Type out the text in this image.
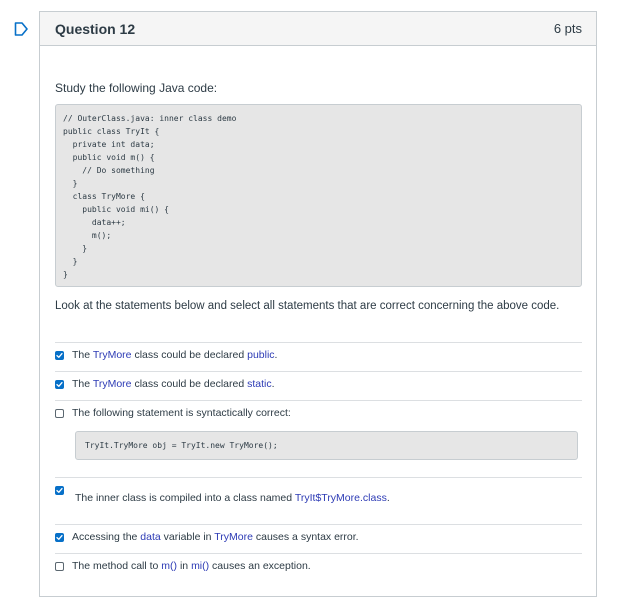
Question 12	6 pts
Study the following Java code:
// OuterClass.java: inner class demo
public class TryIt {
private int data;
public void m() {
// Do something
}
class TryMore {
public void mi() {
data++;
m();
}
}
}
Look at the statements below and select all statements that are correct concerning the above code.
The TryMore class could be declared public.
The TryMore class could be declared static.
The following statement is syntactically correct:
TryIt.TryMore obj = TryIt.new TryMore();
The inner class is compiled into a class named TryIt$TryMore.class.
Accessing the data variable in TryMore causes a syntax error.
The method call to m() in mi() causes an exception.
